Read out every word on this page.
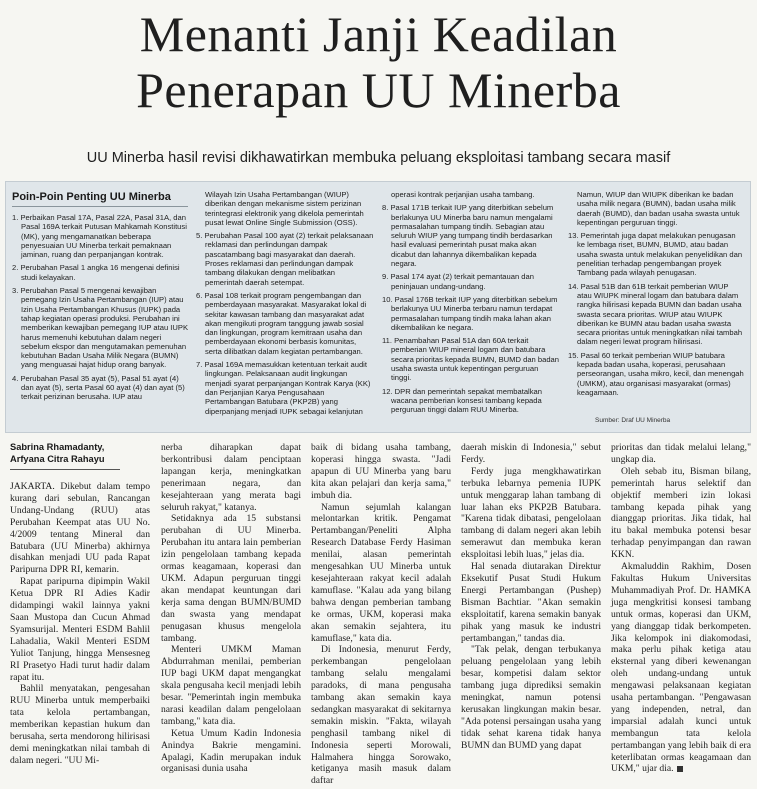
Menanti Janji Keadilan
Penerapan UU Minerba
UU Minerba hasil revisi dikhawatirkan membuka peluang eksploitasi tambang secara masif
Poin-Poin Penting UU Minerba
1. Perbaikan Pasal 17A, Pasal 22A, Pasal 31A, dan Pasal 169A terkait Putusan Mahkamah Konstitusi (MK), yang mengamanatkan beberapa penyesuaian UU Minerba terkait pemaknaan jaminan, ruang dan perpanjangan kontrak.
2. Perubahan Pasal 1 angka 16 mengenai definisi studi kelayakan.
3. Perubahan Pasal 5 mengenai kewajiban pemegang Izin Usaha Pertambangan (IUP) atau Izin Usaha Pertambangan Khusus (IUPK) pada tahap kegiatan operasi produksi. Perubahan ini memberikan kewajiban pemegang IUP atau IUPK harus memenuhi kebutuhan dalam negeri sebelum ekspor dan mengutamakan pemenuhan kebutuhan Badan Usaha Milik Negara (BUMN) yang menguasai hajat hidup orang banyak.
4. Perubahan Pasal 35 ayat (5), Pasal 51 ayat (4) dan ayat (5), serta Pasal 60 ayat (4) dan ayat (5) terkait perizinan berusaha. IUP atau
Wilayah Izin Usaha Pertambangan (WIUP) diberikan dengan mekanisme sistem perizinan terintegrasi elektronik yang dikelola pemerintah pusat lewat Online Single Submission (OSS).
5. Perubahan Pasal 100 ayat (2) terkait pelaksanaan reklamasi dan perlindungan dampak pascatambang bagi masyarakat dan daerah. Proses reklamasi dan perlindungan dampak tambang dilakukan dengan melibatkan pemerintah daerah setempat.
6. Pasal 108 terkait program pengembangan dan pemberdayaan masyarakat. Masyarakat lokal di sekitar kawasan tambang dan masyarakat adat akan mengikuti program tanggung jawab sosial dan lingkungan, program kemitraan usaha dan pemberdayaan ekonomi berbasis komunitas, serta dilibatkan dalam kegiatan pertambangan.
7. Pasal 169A memasukkan ketentuan terkait audit lingkungan. Pelaksanaan audit lingkungan menjadi syarat perpanjangan Kontrak Karya (KK) dan Perjanjian Karya Pengusahaan Pertambangan Batubara (PKP2B) yang diperpanjang menjadi IUPK sebagai kelanjutan
operasi kontrak perjanjian usaha tambang.
8. Pasal 171B terkait IUP yang diterbitkan sebelum berlakunya UU Minerba baru namun mengalami permasalahan tumpang tindih. Sebagian atau seluruh WIUP yang tumpang tindih berdasarkan hasil evaluasi pemerintah pusat maka akan dicabut dan lahannya dikembalikan kepada negara.
9. Pasal 174 ayat (2) terkait pemantauan dan peninjauan undang-undang.
10. Pasal 176B terkait IUP yang diterbitkan sebelum berlakunya UU Minerba terbaru namun terdapat permasalahan tumpang tindih maka lahan akan dikembalikan ke negara.
11. Penambahan Pasal 51A dan 60A terkait pemberian WIUP mineral logam dan batubara secara prioritas kepada BUMN, BUMD dan badan usaha swasta untuk kepentingan perguruan tinggi.
12. DPR dan pemerintah sepakat membatalkan wacana pemberian konsesi tambang kepada perguruan tinggi dalam RUU Minerba.
Namun, WIUP dan WIUPK diberikan ke badan usaha milik negara (BUMN), badan usaha milik daerah (BUMD), dan badan usaha swasta untuk kepentingan perguruan tinggi.
13. Pemerintah juga dapat melakukan penugasan ke lembaga riset, BUMN, BUMD, atau badan usaha swasta untuk melakukan penyelidikan dan penelitian terhadap pengembangan proyek Tambang pada wilayah penugasan.
14. Pasal 51B dan 61B terkait pemberian WIUP atau WIUPK mineral logam dan batubara dalam rangka hilirisasi kepada BUMN dan badan usaha swasta secara prioritas. WIUP atau WIUPK diberikan ke BUMN atau badan usaha swasta secara prioritas untuk meningkatkan nilai tambah dalam negeri lewat program hilirisasi.
15. Pasal 60 terkait pemberian WIUP batubara kepada badan usaha, koperasi, perusahaan perseorangan, usaha mikro, kecil, dan menengah (UMKM), atau organisasi masyarakat (ormas) keagamaan.
Sumber: Draf UU Minerba
Sabrina Rhamadanty,
Arfyana Citra Rahayu

JAKARTA. Dikebut dalam tempo kurang dari sebulan, Rancangan Undang-Undang (RUU) atas Perubahan Keempat atas UU No. 4/2009 tentang Mineral dan Batubara (UU Minerba) akhirnya disahkan menjadi UU pada Rapat Paripurna DPR RI, kemarin.

Rapat paripurna dipimpin Wakil Ketua DPR RI Adies Kadir didampingi wakil lainnya yakni Saan Mustopa dan Cucun Ahmad Syamsurijal. Menteri ESDM Bahlil Lahadalia, Wakil Menteri ESDM Yuliot Tanjung, hingga Mensesneg RI Prasetyo Hadi turut hadir dalam rapat itu.

Bahlil menyatakan, pengesahan RUU Minerba untuk memperbaiki tata kelola pertambangan, memberikan kepastian hukum dan berusaha, serta mendorong hilirisasi demi meningkatkan nilai tambah di dalam negeri. "UU Mi-

nerba diharapkan dapat berkontribusi dalam penciptaan lapangan kerja, meningkatkan penerimaan negara, dan kesejahteraan yang merata bagi seluruh rakyat," katanya.

Setidaknya ada 15 substansi perubahan di UU Minerba. Perubahan itu antara lain pemberian izin pengelolaan tambang kepada ormas keagamaan, koperasi dan UKM. Adapun perguruan tinggi akan mendapat keuntungan dari kerja sama dengan BUMN/BUMD dan swasta yang mendapat penugasan khusus mengelola tambang.

Menteri UMKM Maman Abdurrahman menilai, pemberian IUP bagi UKM dapat mengangkat skala pengusaha kecil menjadi lebih besar. "Pemerintah ingin membuka narasi keadilan dalam pengelolaan tambang," kata dia.

Ketua Umum Kadin Indonesia Anindya Bakrie mengamini. Apalagi, Kadin merupakan induk organisasi dunia usaha

baik di bidang usaha tambang, koperasi hingga swasta. "Jadi apapun di UU Minerba yang baru kita akan pelajari dan kerja sama," imbuh dia.

Namun sejumlah kalangan melontarkan kritik. Pengamat Pertambangan/Peneliti Alpha Research Database Ferdy Hasiman menilai, alasan pemerintah mengesahkan UU Minerba untuk kesejahteraan rakyat kecil adalah kamuflase. "Kalau ada yang bilang bahwa dengan pemberian tambang ke ormas, UKM, koperasi maka akan semakin sejahtera, itu kamuflase," kata dia.

Di Indonesia, menurut Ferdy, perkembangan pengelolaan tambang selalu mengalami paradoks, di mana pengusaha tambang akan semakin kaya sedangkan masyarakat di sekitarnya semakin miskin. "Fakta, wilayah penghasil tambang nikel di Indonesia seperti Morowali, Halmahera hingga Sorowako, ketiganya masih masuk dalam daftar

daerah miskin di Indonesia," sebut Ferdy.

Ferdy juga mengkhawatirkan terbuka lebarnya pemenia IUPK untuk menggarap lahan tambang di luar lahan eks PKP2B Batubara. "Karena tidak dibatasi, pengelolaan tambang di dalam negeri akan lebih semerawut dan membuka keran eksploitasi lebih luas," jelas dia.

Hal senada diutarakan Direktur Eksekutif Pusat Studi Hukum Energi Pertambangan (Pushep) Bisman Bachtiar. "Akan semakin eksploitatif, karena semakin banyak pihak yang masuk ke industri pertambangan," tandas dia.

"Tak pelak, dengan terbukanya peluang pengelolaan yang lebih besar, kompetisi dalam sektor tambang juga diprediksi semakin meningkat, namun potensi kerusakan lingkungan makin besar. "Ada potensi persaingan usaha yang tidak sehat karena tidak hanya BUMN dan BUMD yang dapat

prioritas dan tidak melalui lelang," ungkap dia.

Oleh sebab itu, Bisman bilang, pemerintah harus selektif dan objektif memberi izin lokasi tambang kepada pihak yang dianggap prioritas. Jika tidak, hal itu bakal membuka potensi besar terhadap penyimpangan dan rawan KKN.

Akmaluddin Rakhim, Dosen Fakultas Hukum Universitas Muhammadiyah Prof. Dr. HAMKA juga mengkritisi konsesi tambang untuk ormas, koperasi dan UKM, yang dianggap tidak berkompeten. Jika kelompok ini diakomodasi, maka perlu pihak ketiga atau eksternal yang diberi kewenangan oleh undang-undang untuk mengawasi pelaksanaan kegiatan usaha pertambangan. "Pengawasan yang independen, netral, dan imparsial adalah kunci untuk membangun tata kelola pertambangan yang lebih baik di era keterlibatan ormas keagamaan dan UKM," ujar dia.
